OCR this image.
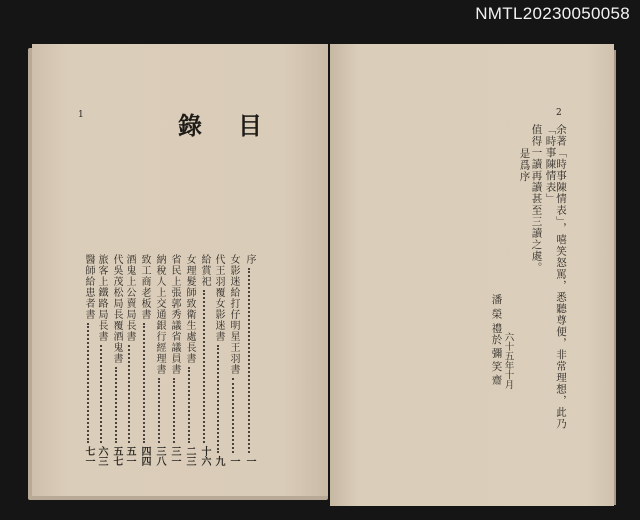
NMTL20230050058
1	目
錄
序
一
女影迷給打仔明星王羽書
一
代王羽覆女影迷書
九
給賞祀
十六
女理髮師致衛生處長書
二三
省民上張郭秀議省議員書
三一
納稅人上交通銀行經理書
三八
致工商老板書
四四
酒鬼上公賣局長書
五一
代吳茂松局長覆酒鬼書
五七
旅客上鐵路局長書
六三
醫師給患者書
七一
2
余著「時事陳情表」，嘻笑怒罵，悉聽尊便，非常理想，此乃「時事陳情表」
值得一讀再讀甚至三讀之處。
是爲序
潘榮禮
六十五年十月
於彌笑齋
